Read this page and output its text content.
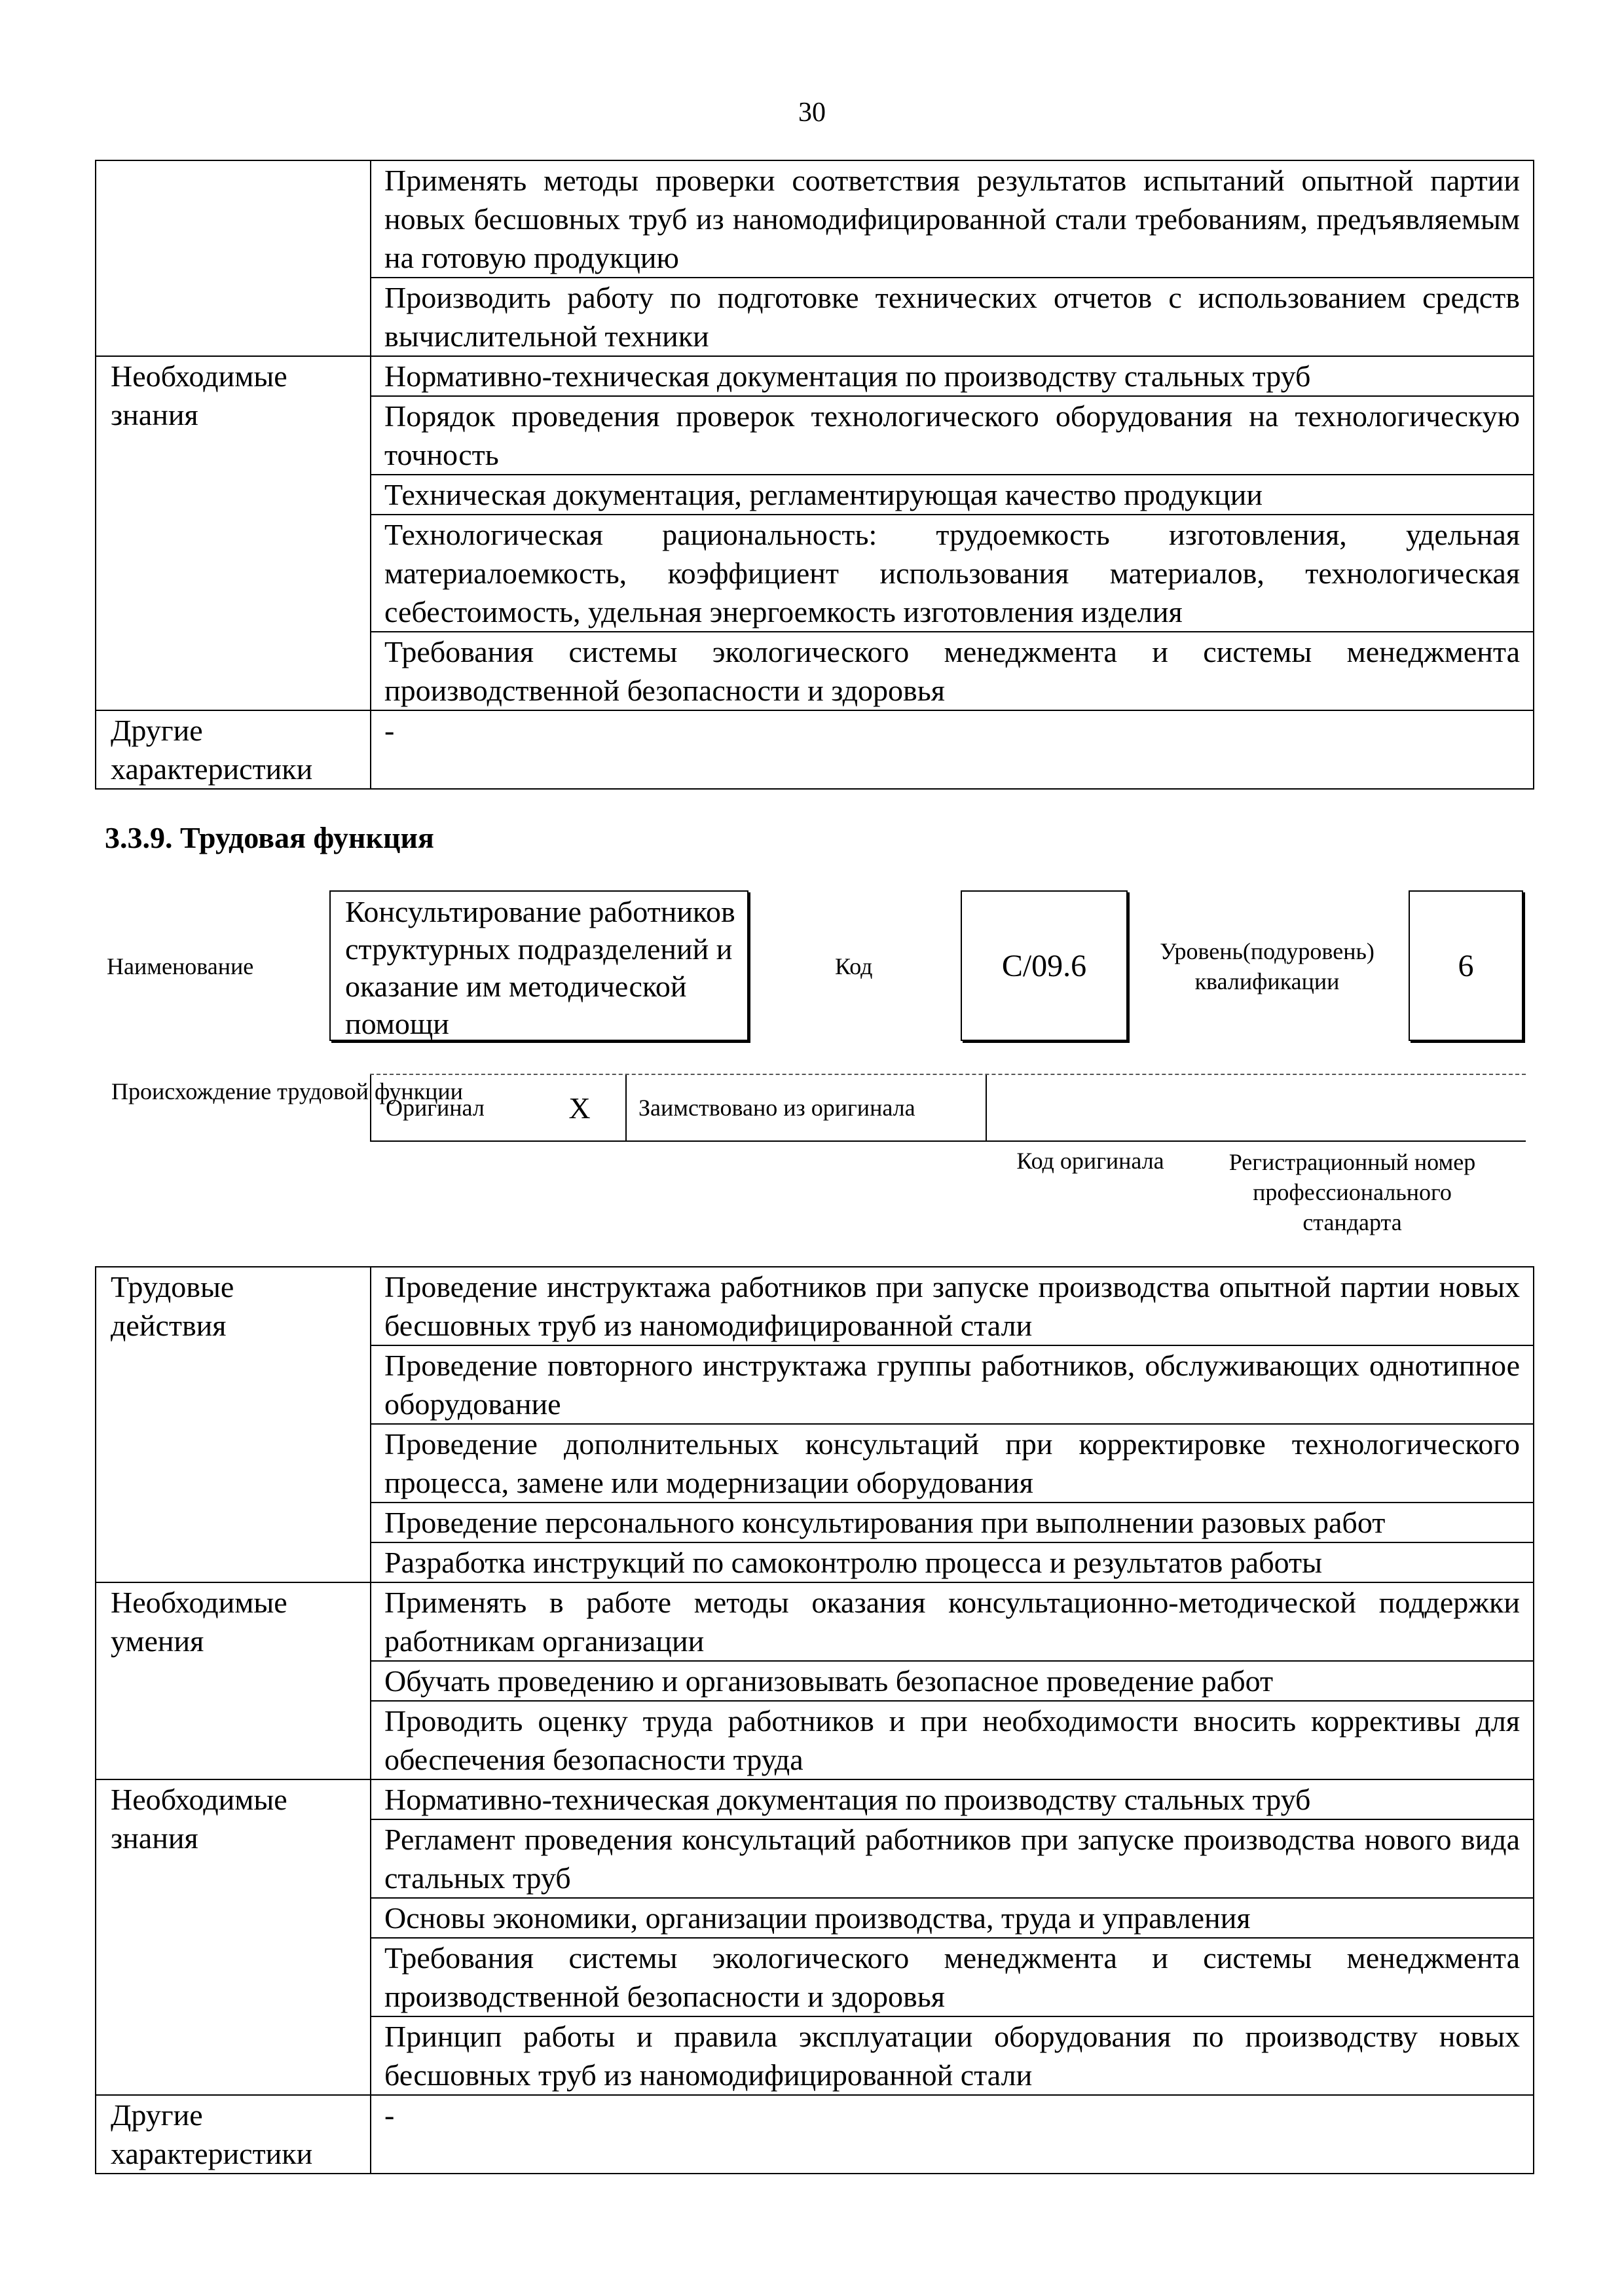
30
	Применять методы проверки соответствия результатов испытаний опытной партии новых бесшовных труб из наномодифицированной стали требованиям, предъявляемым на готовую продукцию
	Производить работу по подготовке технических отчетов с использованием средств вычислительной техники
Необходимые знания	Нормативно-техническая документация по производству стальных труб
	Порядок проведения проверок технологического оборудования на технологическую точность
	Техническая документация, регламентирующая качество продукции
	Технологическая рациональность: трудоемкость изготовления, удельная материалоемкость, коэффициент использования материалов, технологическая себестоимость, удельная энергоемкость изготовления изделия
	Требования системы экологического менеджмента и системы менеджмента производственной безопасности и здоровья
Другие характеристики	-
3.3.9. Трудовая функция
Наименование
Консультирование работников структурных подразделений и оказание им методической помощи
Код	C/09.6	Уровень(подуровень) квалификации	6
Происхождение трудовой функции
Оригинал	X	Заимствовано из оригинала
Код оригинала	Регистрационный номер профессионального стандарта
Трудовые действия	Проведение инструктажа работников при запуске производства опытной партии новых бесшовных труб из наномодифицированной стали
	Проведение повторного инструктажа группы работников, обслуживающих однотипное оборудование
	Проведение дополнительных консультаций при корректировке технологического процесса, замене или модернизации оборудования
	Проведение персонального консультирования при выполнении разовых работ
	Разработка инструкций по самоконтролю процесса и результатов работы
Необходимые умения	Применять в работе методы оказания консультационно-методической поддержки работникам организации
	Обучать проведению и организовывать безопасное проведение работ
	Проводить оценку труда работников и при необходимости вносить коррективы для обеспечения безопасности труда
Необходимые знания	Нормативно-техническая документация по производству стальных труб
	Регламент проведения консультаций работников при запуске производства нового вида стальных труб
	Основы экономики, организации производства, труда и управления
	Требования системы экологического менеджмента и системы менеджмента производственной безопасности и здоровья
	Принцип работы и правила эксплуатации оборудования по производству новых бесшовных труб из наномодифицированной стали
Другие характеристики	-
